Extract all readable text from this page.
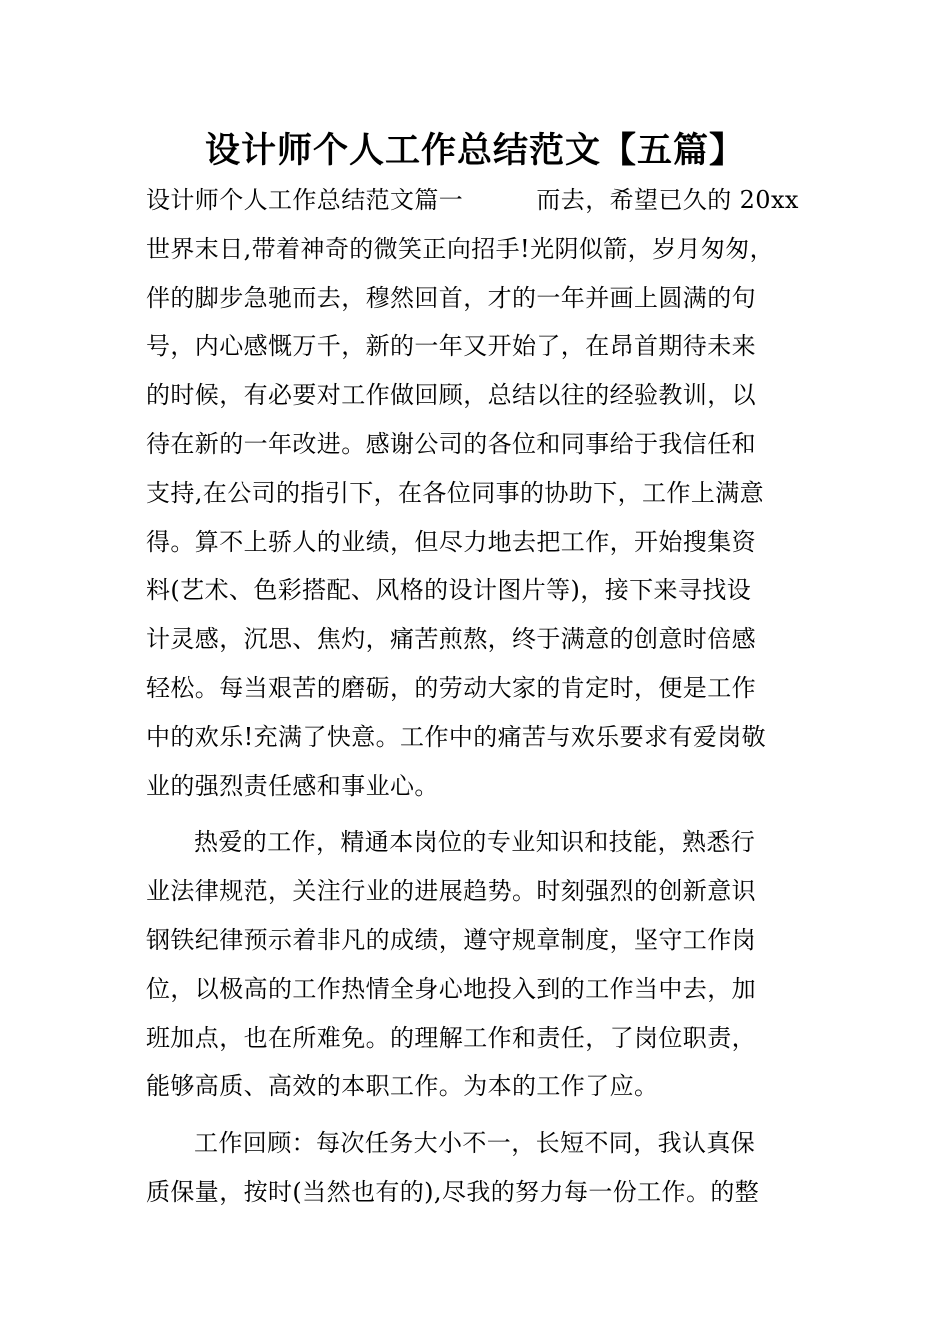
设计师个人工作总结范文【五篇】
设计师个人工作总结范文篇一　　　而去，希望已久的 20xx
世界末日,带着神奇的微笑正向招手!光阴似箭，岁月匆匆，
伴的脚步急驰而去，穆然回首，才的一年并画上圆满的句
号，内心感慨万千，新的一年又开始了，在昂首期待未来
的时候，有必要对工作做回顾，总结以往的经验教训，以
待在新的一年改进。感谢公司的各位和同事给于我信任和
支持,在公司的指引下，在各位同事的协助下，工作上满意
得。算不上骄人的业绩，但尽力地去把工作，开始搜集资
料(艺术、色彩搭配、风格的设计图片等)，接下来寻找设
计灵感，沉思、焦灼，痛苦煎熬，终于满意的创意时倍感
轻松。每当艰苦的磨砺，的劳动大家的肯定时，便是工作
中的欢乐!充满了快意。工作中的痛苦与欢乐要求有爱岗敬
业的强烈责任感和事业心。
热爱的工作，精通本岗位的专业知识和技能，熟悉行
业法律规范，关注行业的进展趋势。时刻强烈的创新意识
钢铁纪律预示着非凡的成绩，遵守规章制度，坚守工作岗
位，以极高的工作热情全身心地投入到的工作当中去，加
班加点，也在所难免。的理解工作和责任，了岗位职责，
能够高质、高效的本职工作。为本的工作了应。
工作回顾：每次任务大小不一，长短不同，我认真保
质保量，按时(当然也有的),尽我的努力每一份工作。的整
